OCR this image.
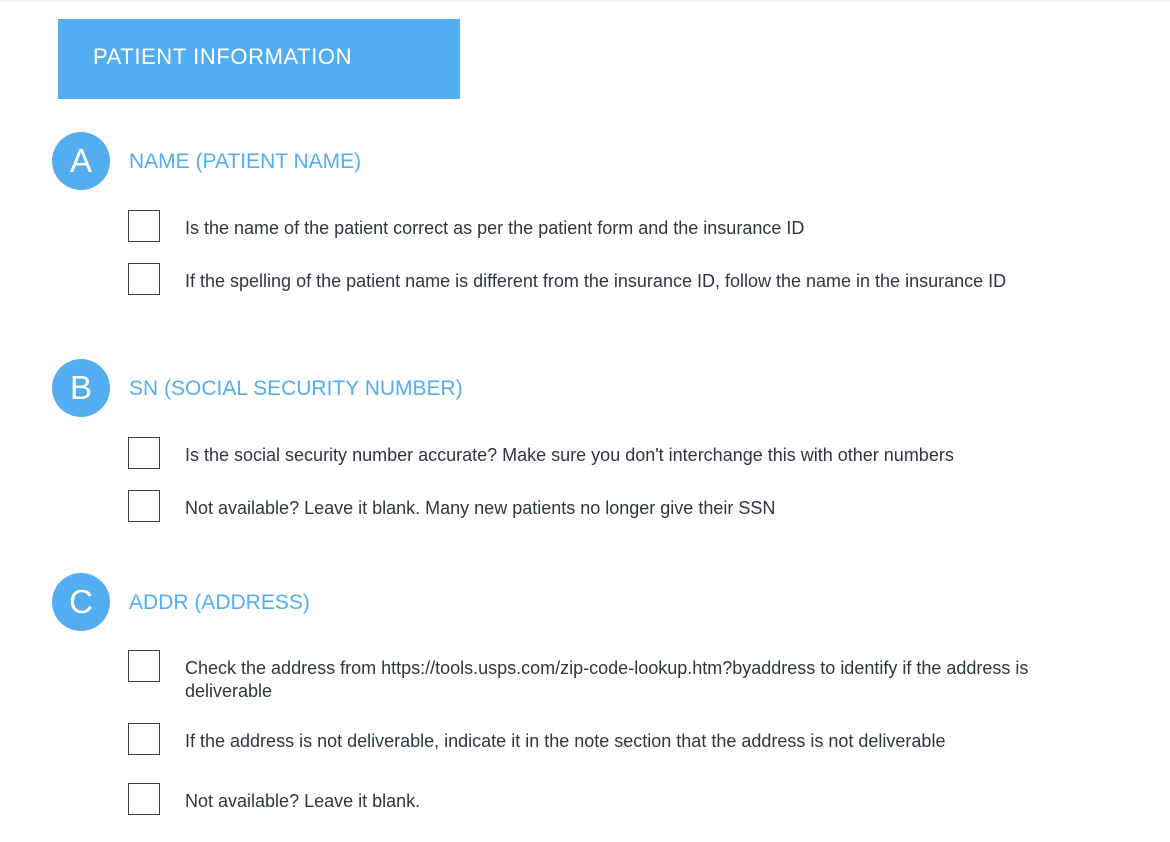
PATIENT INFORMATION
A	NAME (PATIENT NAME)
Is the name of the patient correct as per the patient form and the insurance ID
If the spelling of the patient name is different from the insurance ID, follow the name in the insurance ID
B	SN (SOCIAL SECURITY NUMBER)
Is the social security number accurate? Make sure you don't interchange this with other numbers
Not available? Leave it blank. Many new patients no longer give their SSN
C	ADDR (ADDRESS)
Check the address from https://tools.usps.com/zip-code-lookup.htm?byaddress to identify if the address is deliverable
If the address is not deliverable, indicate it in the note section that the address is not deliverable
Not available? Leave it blank.
